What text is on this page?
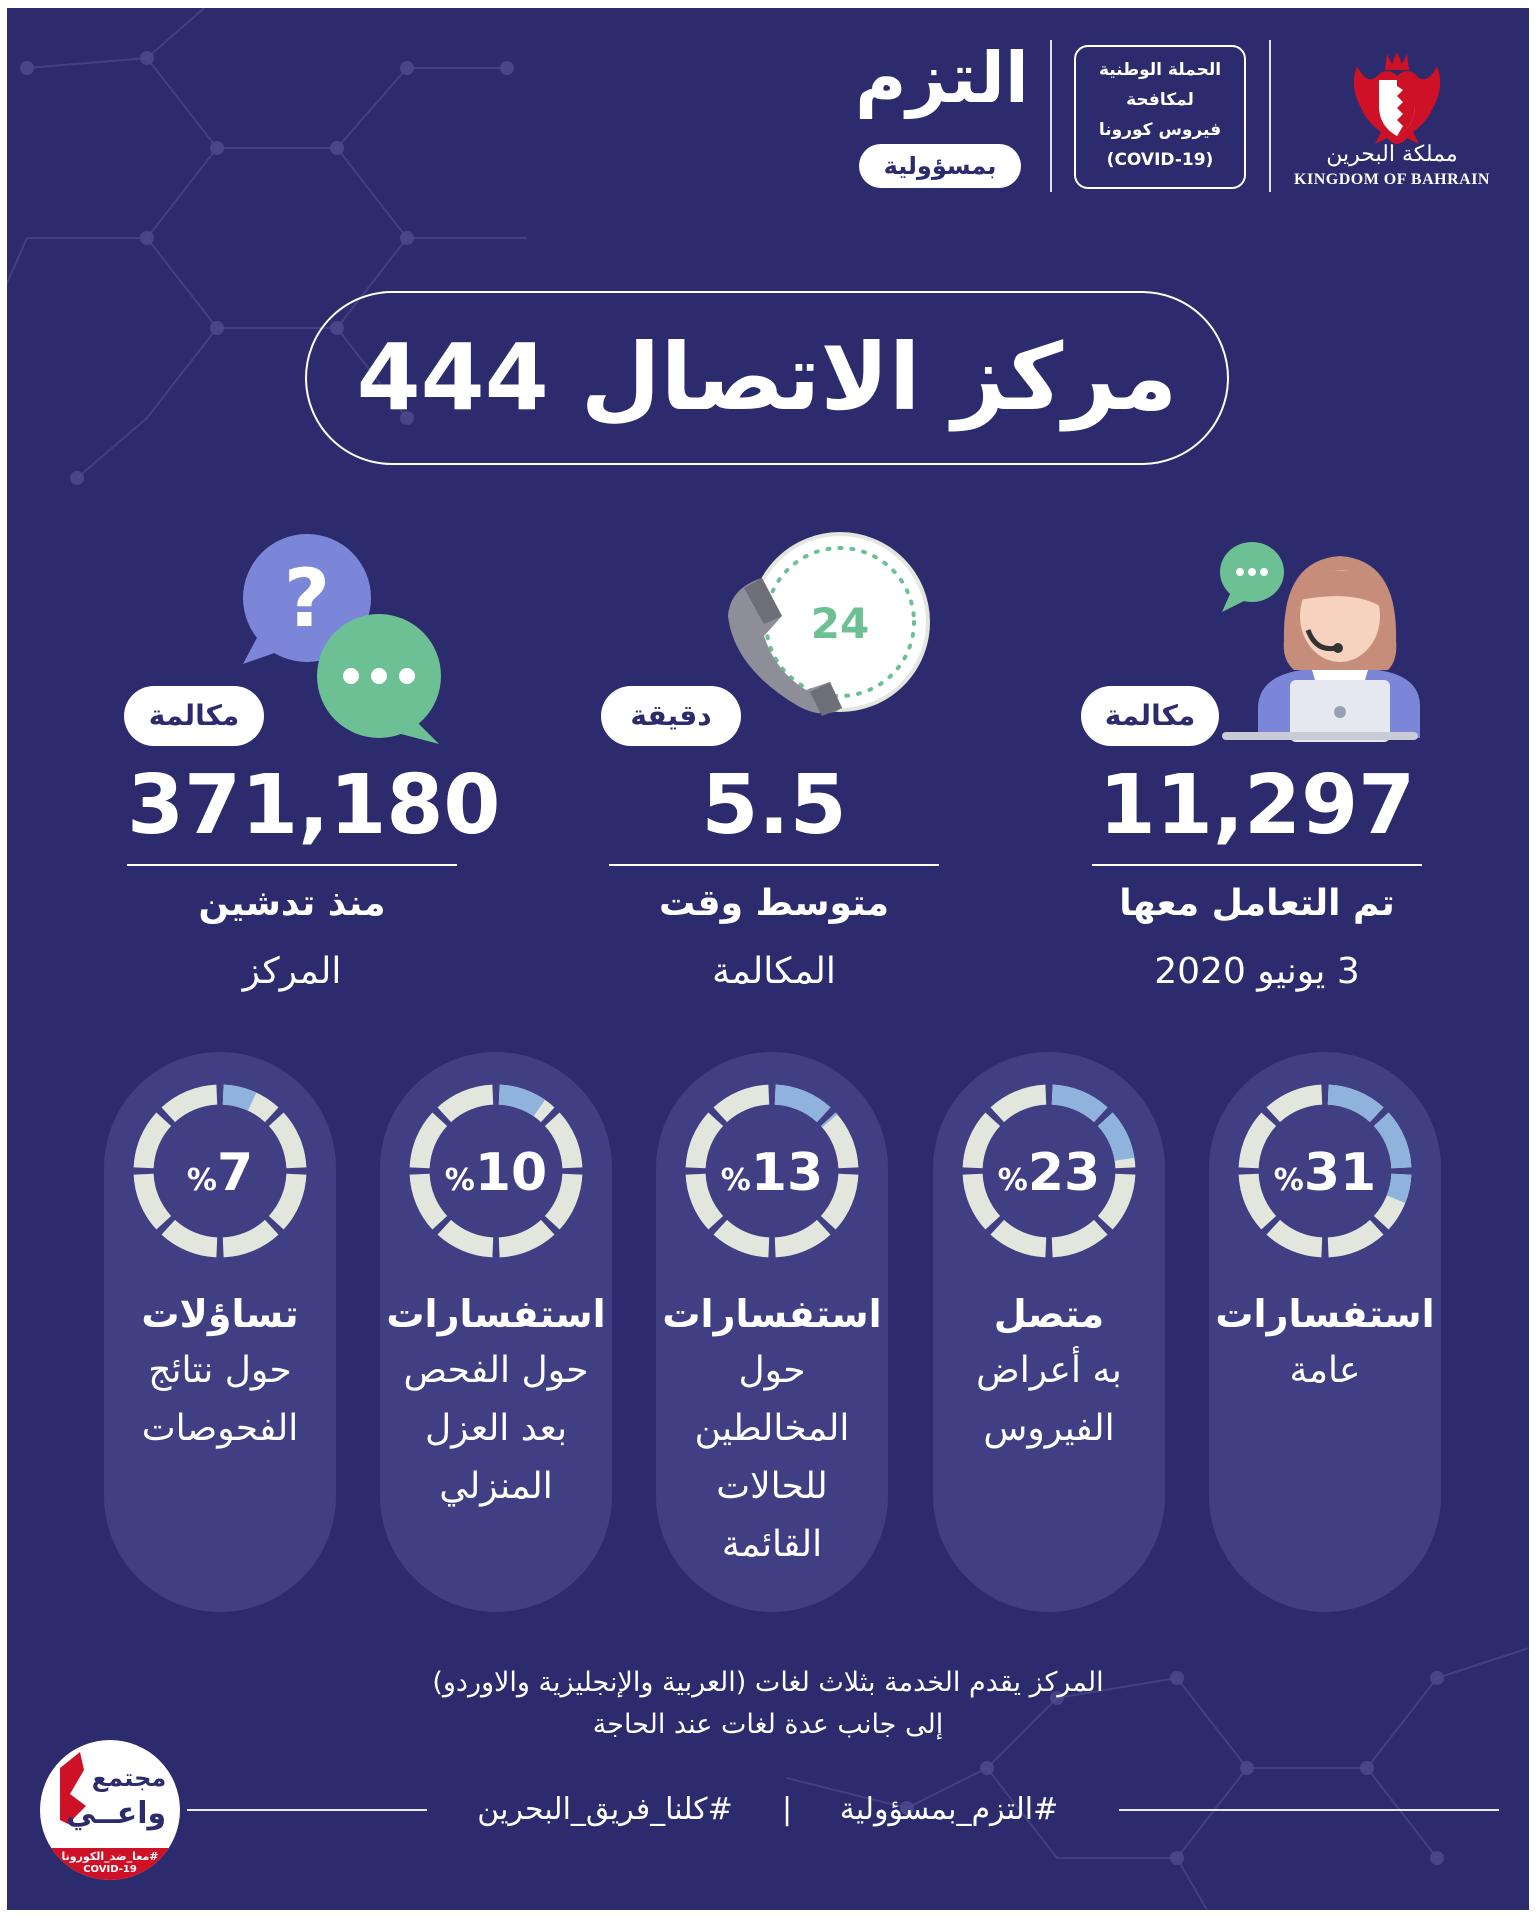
مملكة البحرين
KINGDOM OF BAHRAIN
الحملة الوطنية
لمكافحة
فيروس كورونا
(COVID-19)
التزم
بمسؤولية
مركز الاتصال 444
مكالمة
11,297
تم التعامل معها
3 يونيو 2020
24
دقيقة
5.5
متوسط وقت
المكالمة
?
مكالمة
371,180
منذ تدشين
المركز
%31
استفسارات
عامة
%23
متصل
به أعراض
الفيروس
%13
استفسارات
حول
المخالطين
للحالات
القائمة
%10
استفسارات
حول الفحص
بعد العزل
المنزلي
%7
تساؤلات
حول نتائج
الفحوصات
المركز يقدم الخدمة بثلاث لغات (العربية والإنجليزية والاوردو)
إلى جانب عدة لغات عند الحاجة
#التزم_بمسؤولية
|
#كلنا_فريق_البحرين
مجتمع
واعــي
#معا_ضد_الكورونا
COVID-19
